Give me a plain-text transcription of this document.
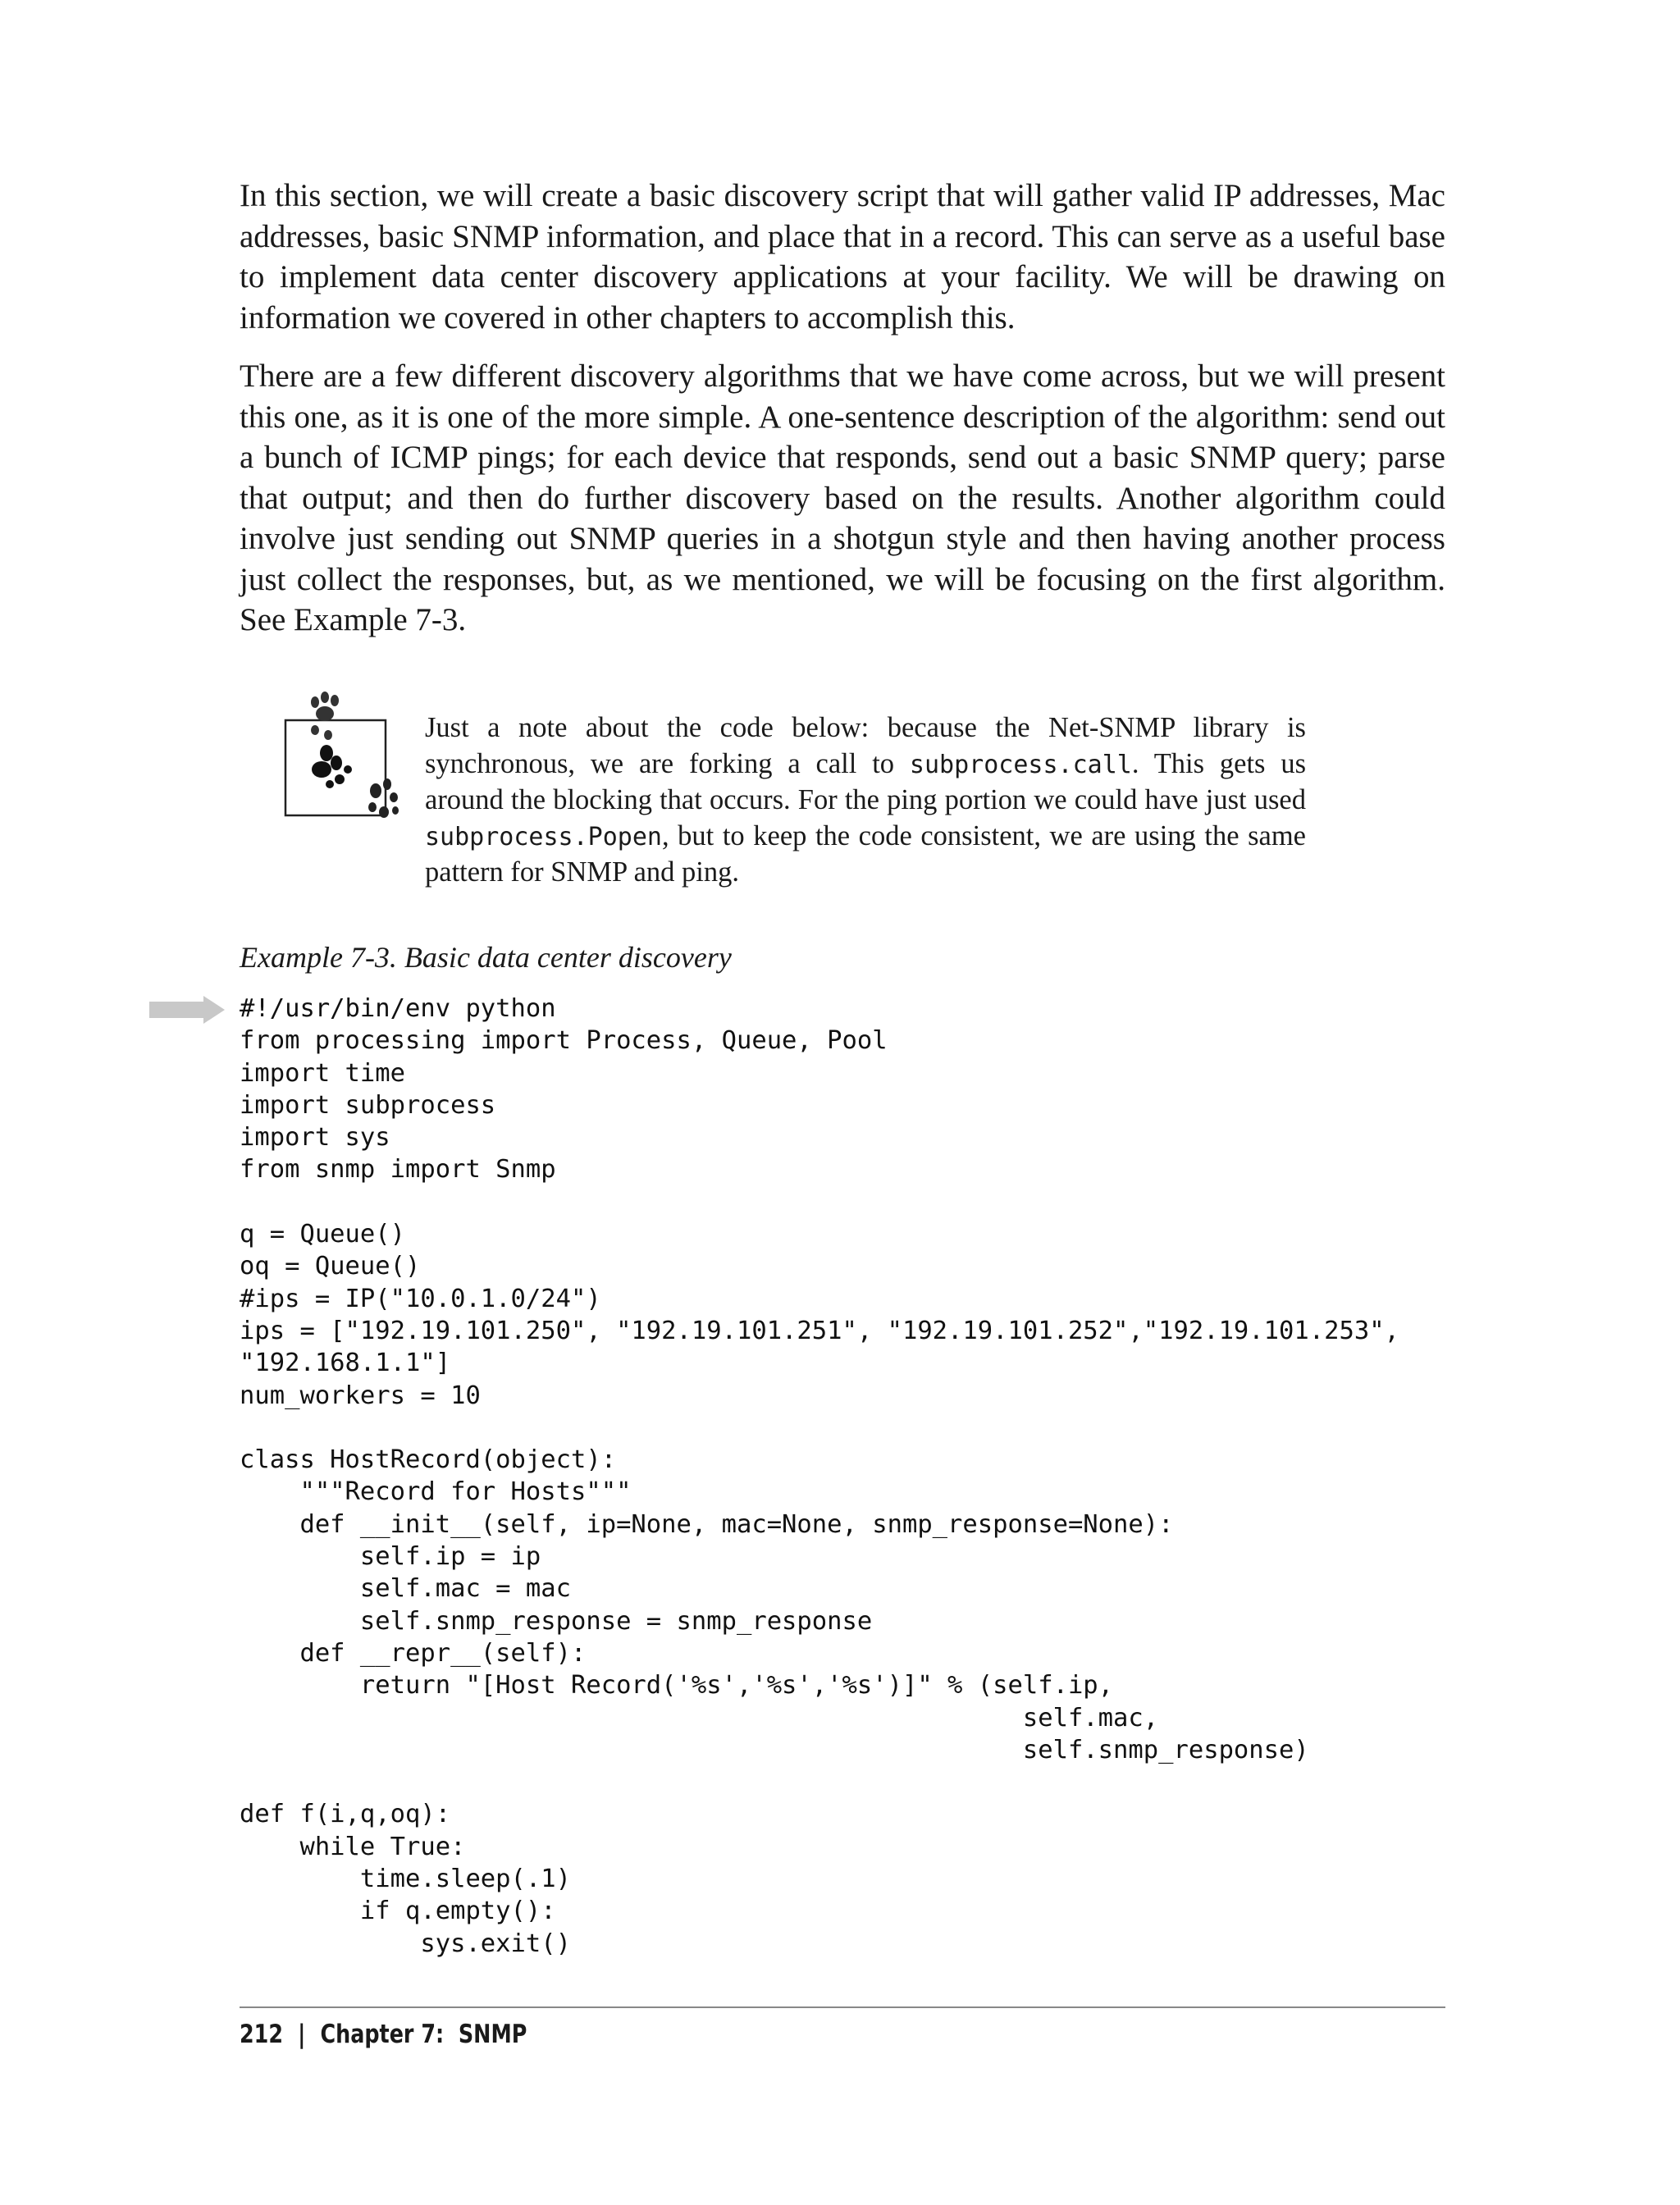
In this section, we will create a basic discovery script that will gather valid IP addresses, Mac addresses, basic SNMP information, and place that in a record. This can serve as a useful base to implement data center discovery applications at your facility. We will be drawing on information we covered in other chapters to accomplish this.

There are a few different discovery algorithms that we have come across, but we will present this one, as it is one of the more simple. A one-sentence description of the algorithm: send out a bunch of ICMP pings; for each device that responds, send out a basic SNMP query; parse that output; and then do further discovery based on the results. Another algorithm could involve just sending out SNMP queries in a shotgun style and then having another process just collect the responses, but, as we mentioned, we will be focusing on the first algorithm. See Example 7-3.

Just a note about the code below: because the Net-SNMP library is synchronous, we are forking a call to subprocess.call. This gets us around the blocking that occurs. For the ping portion we could have just used subprocess.Popen, but to keep the code consistent, we are using the same pattern for SNMP and ping.

Example 7-3. Basic data center discovery

#!/usr/bin/env python
from processing import Process, Queue, Pool
import time
import subprocess
import sys
from snmp import Snmp

q = Queue()
oq = Queue()
#ips = IP("10.0.1.0/24")
ips = ["192.19.101.250", "192.19.101.251", "192.19.101.252","192.19.101.253",
"192.168.1.1"]
num_workers = 10

class HostRecord(object):
"""Record for Hosts"""
def __init__(self, ip=None, mac=None, snmp_response=None):
self.ip = ip
self.mac = mac
self.snmp_response = snmp_response
def __repr__(self):
return "[Host Record('%s','%s','%s')]" % (self.ip,
self.mac,
self.snmp_response)

def f(i,q,oq):
while True:
time.sleep(.1)
if q.empty():
sys.exit()
212 | Chapter 7:  SNMP
